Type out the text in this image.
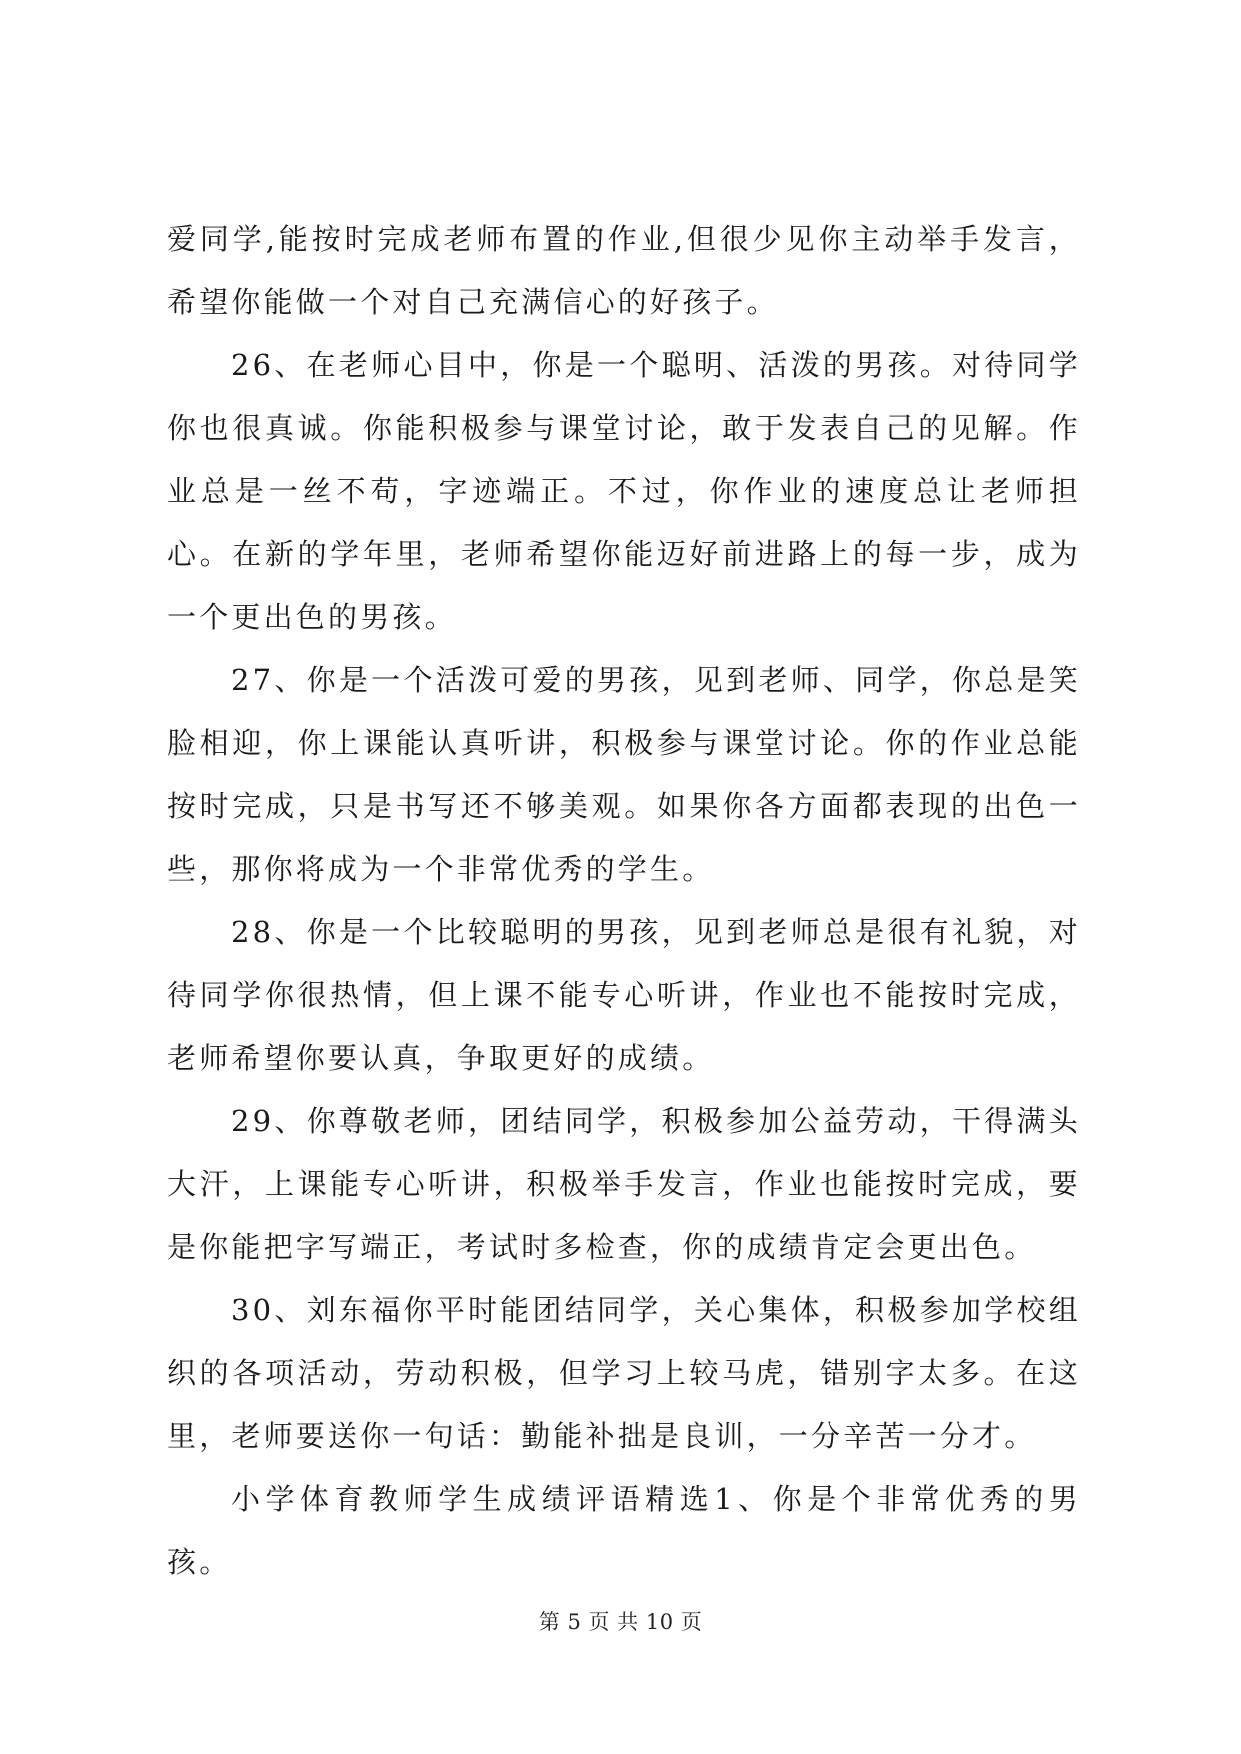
爱同学,能按时完成老师布置的作业,但很少见你主动举手发言，希望你能做一个对自己充满信心的好孩子。

26、在老师心目中，你是一个聪明、活泼的男孩。对待同学你也很真诚。你能积极参与课堂讨论，敢于发表自己的见解。作业总是一丝不苟，字迹端正。不过，你作业的速度总让老师担心。在新的学年里，老师希望你能迈好前进路上的每一步，成为一个更出色的男孩。

27、你是一个活泼可爱的男孩，见到老师、同学，你总是笑脸相迎，你上课能认真听讲，积极参与课堂讨论。你的作业总能按时完成，只是书写还不够美观。如果你各方面都表现的出色一些，那你将成为一个非常优秀的学生。

28、你是一个比较聪明的男孩，见到老师总是很有礼貌，对待同学你很热情，但上课不能专心听讲，作业也不能按时完成，老师希望你要认真，争取更好的成绩。

29、你尊敬老师，团结同学，积极参加公益劳动，干得满头大汗，上课能专心听讲，积极举手发言，作业也能按时完成，要是你能把字写端正，考试时多检查，你的成绩肯定会更出色。

30、刘东福你平时能团结同学，关心集体，积极参加学校组织的各项活动，劳动积极，但学习上较马虎，错别字太多。在这里，老师要送你一句话：勤能补拙是良训，一分辛苦一分才。

小学体育教师学生成绩评语精选1、你是个非常优秀的男孩。

第 5 页 共 10 页
